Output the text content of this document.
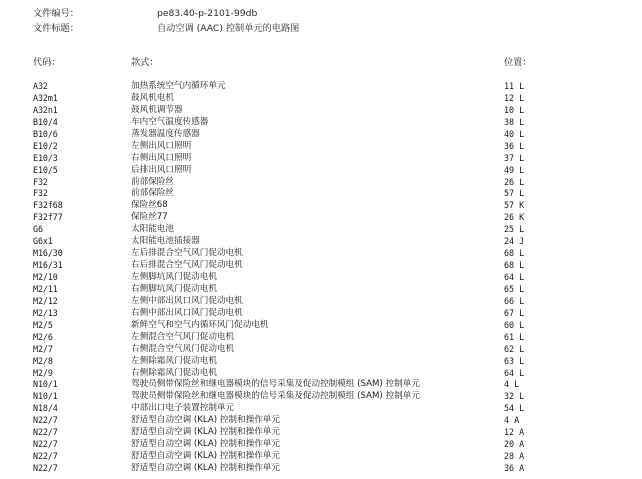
文件编号：	pe83.40-p-2101-99db
文件标题：	自动空调 (AAC) 控制单元的电路图
代码：	款式：	位置：
A32	加热系统空气内循环单元	11 L
A32m1	鼓风机电机	12 L
A32n1	鼓风机调节器	10 L
B10/4	车内空气温度传感器	38 L
B10/6	蒸发器温度传感器	40 L
E10/2	左侧出风口照明	36 L
E10/3	右侧出风口照明	37 L
E10/5	后排出风口照明	49 L
F32	前部保险丝	26 L
F32	前部保险丝	57 L
F32f68	保险丝68	57 K
F32f77	保险丝77	26 K
G6	太阳能电池	25 L
G6x1	太阳能电池插接器	24 J
M16/30	左后排混合空气风门促动电机	68 L
M16/31	右后排混合空气风门促动电机	68 L
M2/10	左侧脚坑风门促动电机	64 L
M2/11	右侧脚坑风门促动电机	65 L
M2/12	左侧中部出风口风门促动电机	66 L
M2/13	右侧中部出风口风门促动电机	67 L
M2/5	新鲜空气和空气内循环风门促动电机	60 L
M2/6	左侧混合空气风门促动电机	61 L
M2/7	右侧混合空气风门促动电机	62 L
M2/8	左侧除霜风门促动电机	63 L
M2/9	右侧除霜风门促动电机	64 L
N10/1	驾驶员侧带保险丝和继电器模块的信号采集及促动控制模组 (SAM) 控制单元	4 L
N10/1	驾驶员侧带保险丝和继电器模块的信号采集及促动控制模组 (SAM) 控制单元	32 L
N18/4	中部出口电子装置控制单元	54 L
N22/7	舒适型自动空调 (KLA) 控制和操作单元	4 A
N22/7	舒适型自动空调 (KLA) 控制和操作单元	12 A
N22/7	舒适型自动空调 (KLA) 控制和操作单元	20 A
N22/7	舒适型自动空调 (KLA) 控制和操作单元	28 A
N22/7	舒适型自动空调 (KLA) 控制和操作单元	36 A
